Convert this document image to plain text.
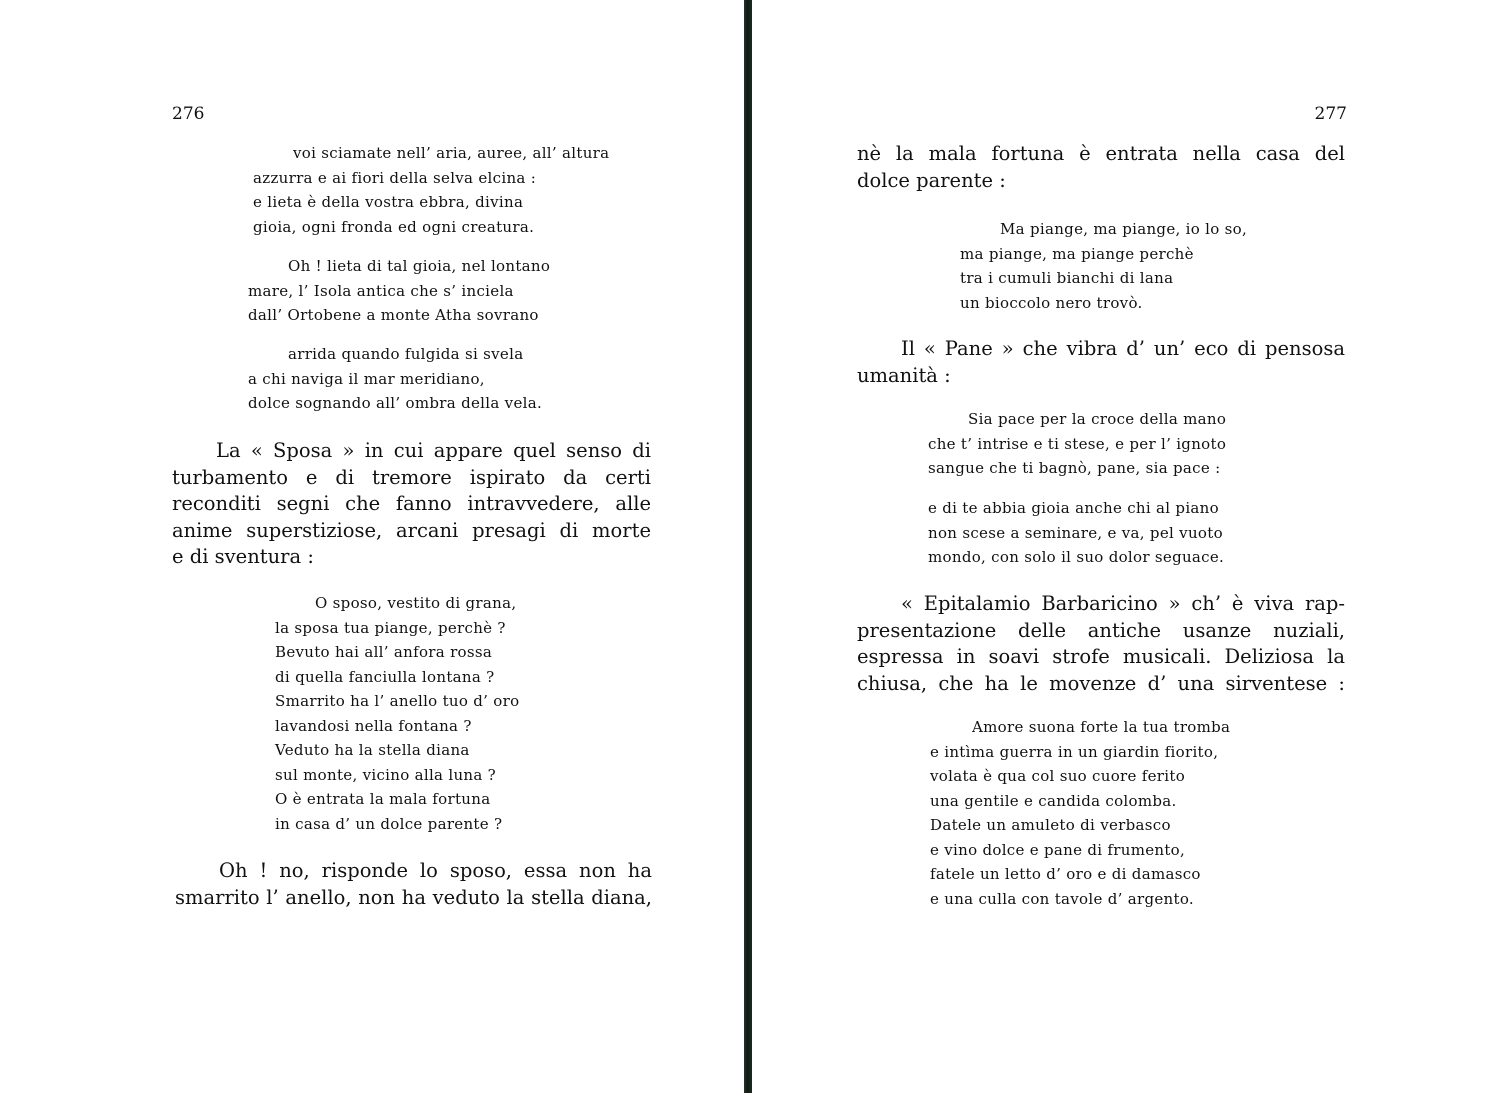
276
voi sciamate nell’ aria, auree, all’ altura
azzurra e ai fiori della selva elcina :
e lieta è della vostra ebbra, divina
gioia, ogni fronda ed ogni creatura.
Oh ! lieta di tal gioia, nel lontano
mare, l’ Isola antica che s’ inciela
dall’ Ortobene a monte Atha sovrano
arrida quando fulgida si svela
a chi naviga il mar meridiano,
dolce sognando all’ ombra della vela.
La « Sposa » in cui appare quel senso di
turbamento e di tremore ispirato da certi
reconditi segni che fanno intravvedere, alle
anime superstiziose, arcani presagi di morte
e di sventura :
O sposo, vestito di grana,
la sposa tua piange, perchè ?
Bevuto hai all’ anfora rossa
di quella fanciulla lontana ?
Smarrito ha l’ anello tuo d’ oro
lavandosi nella fontana ?
Veduto ha la stella diana
sul monte, vicino alla luna ?
O è entrata la mala fortuna
in casa d’ un dolce parente ?
Oh ! no, risponde lo sposo, essa non ha
smarrito l’ anello, non ha veduto la stella diana,
277
nè la mala fortuna è entrata nella casa del
dolce parente :
Ma piange, ma piange, io lo so,
ma piange, ma piange perchè
tra i cumuli bianchi di lana
un bioccolo nero trovò.
Il « Pane » che vibra d’ un’ eco di pensosa
umanità :
Sia pace per la croce della mano
che t’ intrise e ti stese, e per l’ ignoto
sangue che ti bagnò, pane, sia pace :
e di te abbia gioia anche chi al piano
non scese a seminare, e va, pel vuoto
mondo, con solo il suo dolor seguace.
« Epitalamio Barbaricino » ch’ è viva rap-
presentazione delle antiche usanze nuziali,
espressa in soavi strofe musicali. Deliziosa la
chiusa, che ha le movenze d’ una sirventese :
Amore suona forte la tua tromba
e intìma guerra in un giardin fiorito,
volata è qua col suo cuore ferito
una gentile e candida colomba.
Datele un amuleto di verbasco
e vino dolce e pane di frumento,
fatele un letto d’ oro e di damasco
e una culla con tavole d’ argento.
